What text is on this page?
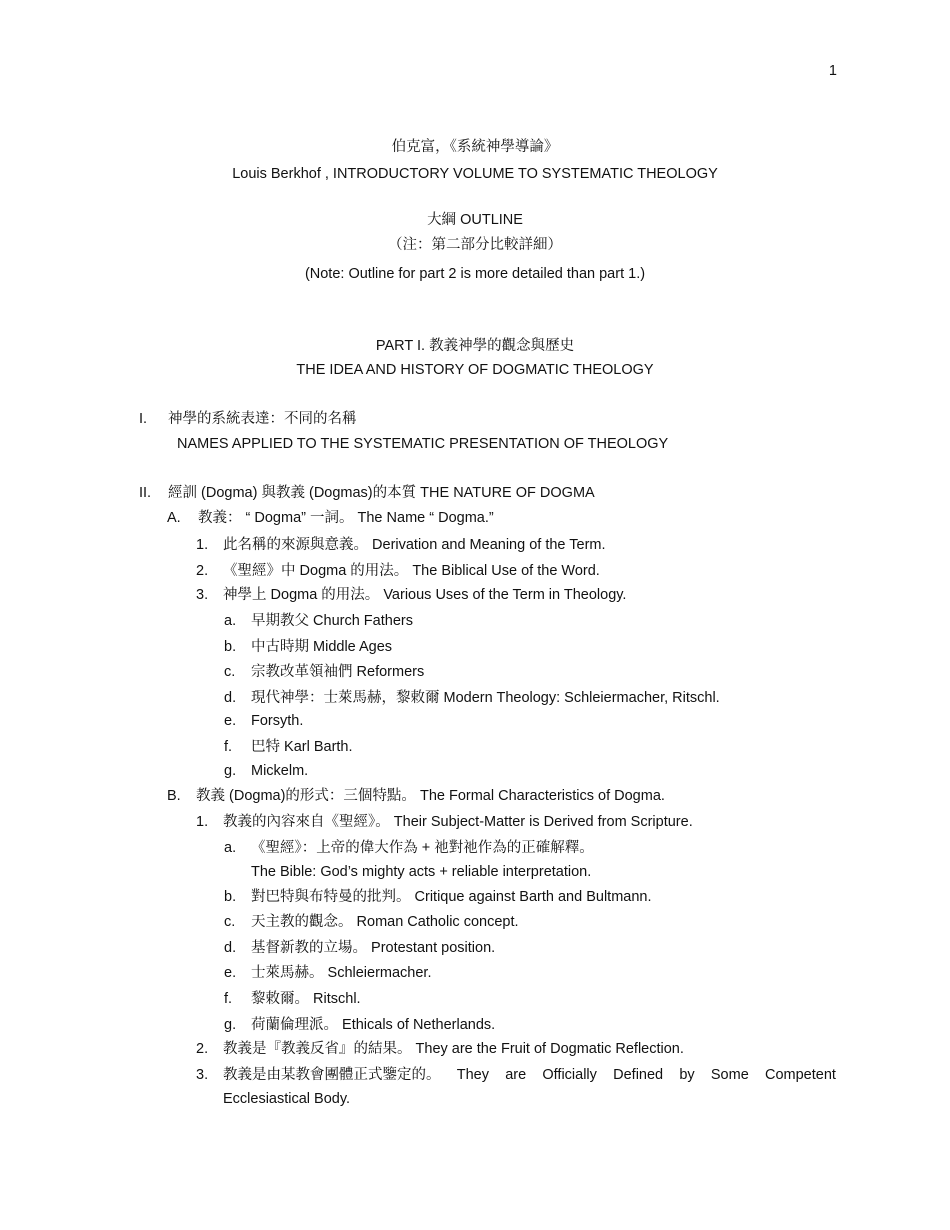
1
伯克富，《系統神學導論》
Louis Berkhof , INTRODUCTORY VOLUME TO SYSTEMATIC THEOLOGY
大綱 OUTLINE
（注：第二部分比較詳細）
(Note: Outline for part 2 is more detailed than part 1.)
PART I. 教義神學的觀念與歷史
THE IDEA AND HISTORY OF DOGMATIC THEOLOGY
I. 神學的系統表達：不同的名稱
NAMES APPLIED TO THE SYSTEMATIC PRESENTATION OF THEOLOGY
II. 經訓 (Dogma) 與教義 (Dogmas)的本質 THE NATURE OF DOGMA
A. 教義： “ Dogma” 一詞。 The Name “ Dogma.”
1. 此名稱的來源與意義。 Derivation and Meaning of the Term.
2. 《聖經》中 Dogma 的用法。 The Biblical Use of the Word.
3. 神學上 Dogma 的用法。 Various Uses of the Term in Theology.
a. 早期教父 Church Fathers
b. 中古時期 Middle Ages
c. 宗教改革領袖們 Reformers
d. 現代神學：士萊馬赫，黎敕爾 Modern Theology: Schleiermacher, Ritschl.
e. Forsyth.
f. 巴特 Karl Barth.
g. Mickelm.
B. 教義 (Dogma)的形式：三個特點。 The Formal Characteristics of Dogma.
1. 教義的內容來自《聖經》。 Their Subject-Matter is Derived from Scripture.
a. 《聖經》：上帝的偉大作為 + 祂對祂作為的正確解釋。
The Bible: God’s mighty acts + reliable interpretation.
b. 對巴特與布特曼的批判。 Critique against Barth and Bultmann.
c. 天主教的觀念。 Roman Catholic concept.
d. 基督新教的立場。 Protestant position.
e. 士萊馬赫。 Schleiermacher.
f. 黎敕爾。 Ritschl.
g. 荷蘭倫理派。 Ethicals of Netherlands.
2. 教義是『教義反省』的結果。 They are the Fruit of Dogmatic Reflection.
3. 教義是由某教會團體正式鑒定的。 They are Officially Defined by Some Competent
Ecclesiastical Body.
